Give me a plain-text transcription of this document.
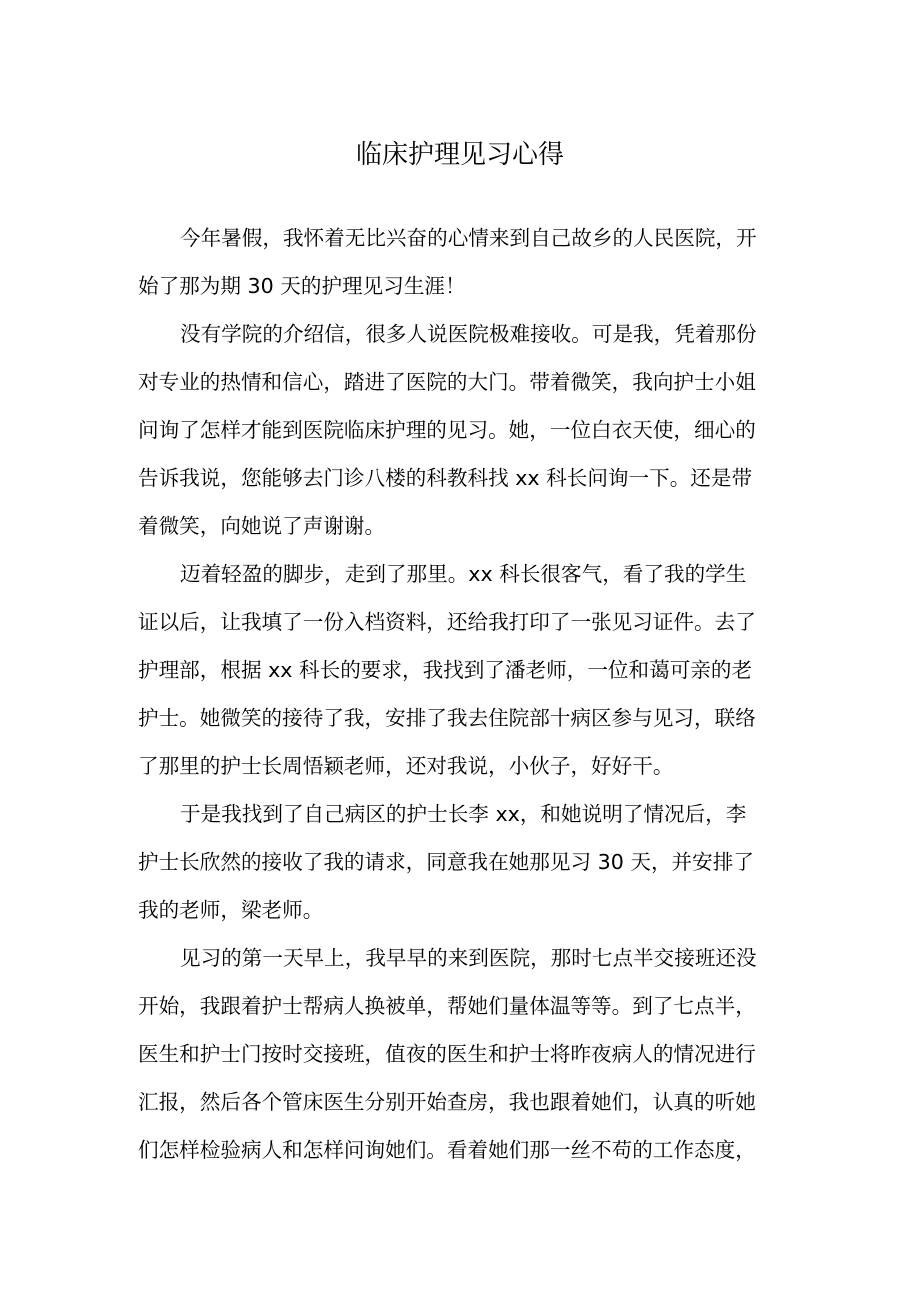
临床护理见习心得
今年暑假，我怀着无比兴奋的心情来到自己故乡的人民医院，开
始了那为期 30 天的护理见习生涯！
没有学院的介绍信，很多人说医院极难接收。可是我，凭着那份
对专业的热情和信心，踏进了医院的大门。带着微笑，我向护士小姐
问询了怎样才能到医院临床护理的见习。她，一位白衣天使，细心的
告诉我说，您能够去门诊八楼的科教科找 xx 科长问询一下。还是带
着微笑，向她说了声谢谢。
迈着轻盈的脚步，走到了那里。xx 科长很客气，看了我的学生
证以后，让我填了一份入档资料，还给我打印了一张见习证件。去了
护理部，根据 xx 科长的要求，我找到了潘老师，一位和蔼可亲的老
护士。她微笑的接待了我，安排了我去住院部十病区参与见习，联络
了那里的护士长周悟颖老师，还对我说，小伙子，好好干。
于是我找到了自己病区的护士长李 xx，和她说明了情况后，李
护士长欣然的接收了我的请求，同意我在她那见习 30 天，并安排了
我的老师，梁老师。
见习的第一天早上，我早早的来到医院，那时七点半交接班还没
开始，我跟着护士帮病人换被单，帮她们量体温等等。到了七点半，
医生和护士门按时交接班，值夜的医生和护士将昨夜病人的情况进行
汇报，然后各个管床医生分别开始查房，我也跟着她们，认真的听她
们怎样检验病人和怎样问询她们。看着她们那一丝不苟的工作态度，
